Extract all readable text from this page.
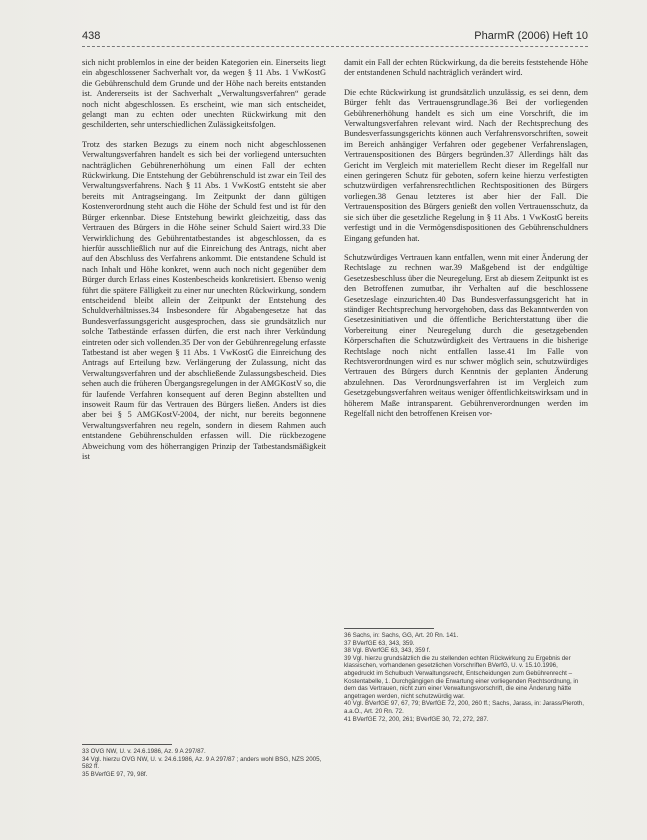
438	PharmR (2006) Heft 10

sich nicht problemlos in eine der beiden Kategorien ein. Einerseits liegt ein abgeschlossener Sachverhalt vor, da wegen § 11 Abs. 1 VwKostG die Gebührenschuld dem Grunde und der Höhe nach bereits entstanden ist. Andererseits ist der Sachverhalt „Verwaltungsverfahren“ gerade noch nicht abgeschlossen. Es erscheint, wie man sich entscheidet, gelangt man zu echten oder unechten Rückwirkung mit den geschilderten, sehr unterschiedlichen Zulässigkeitsfolgen.

Trotz des starken Bezugs zu einem noch nicht abgeschlossenen Verwaltungsverfahren handelt es sich bei der vorliegend untersuchten nachträglichen Gebührenerhöhung um einen Fall der echten Rückwirkung. Die Entstehung der Gebührenschuld ist zwar ein Teil des Verwaltungsverfahrens. Nach § 11 Abs. 1 VwKostG entsteht sie aber bereits mit Antragseingang. Im Zeitpunkt der dann gültigen Kostenverordnung steht auch die Höhe der Schuld fest und ist für den Bürger erkennbar. Diese Entstehung bewirkt gleichzeitig, dass das Vertrauen des Bürgers in die Höhe seiner Schuld Saiert wird.33 Die Verwirklichung des Gebührentatbestandes ist abgeschlossen, da es hierfür ausschließlich nur auf die Einreichung des Antrags, nicht aber auf den Abschluss des Verfahrens ankommt. Die entstandene Schuld ist nach Inhalt und Höhe konkret, wenn auch noch nicht gegenüber dem Bürger durch Erlass eines Kostenbescheids konkretisiert. Ebenso wenig führt die spätere Fälligkeit zu einer nur unechten Rückwirkung, sondern entscheidend bleibt allein der Zeitpunkt der Entstehung des Schuldverhältnisses.34 Insbesondere für Abgabengesetze hat das Bundesverfassungsgericht ausgesprochen, dass sie grundsätzlich nur solche Tatbestände erfassen dürfen, die erst nach ihrer Verkündung eintreten oder sich vollenden.35 Der von der Gebührenregelung erfasste Tatbestand ist aber wegen § 11 Abs. 1 VwKostG die Einreichung des Antrags auf Erteilung bzw. Verlängerung der Zulassung, nicht das Verwaltungsverfahren und der abschließende Zulassungsbescheid. Dies sehen auch die früheren Übergangsregelungen in der AMGKostV so, die für laufende Verfahren konsequent auf deren Beginn abstellten und insoweit Raum für das Vertrauen des Bürgers ließen. Anders ist dies aber bei § 5 AMGKostV-2004, der nicht, nur bereits begonnene Verwaltungsverfahren neu regeln, sondern in diesem Rahmen auch entstandene Gebührenschulden erfassen will. Die rückbezogene Abweichung vom des höherrangigen Prinzip der Tatbestandsmäßigkeit ist

damit ein Fall der echten Rückwirkung, da die bereits feststehende Höhe der entstandenen Schuld nachträglich verändert wird.

Die echte Rückwirkung ist grundsätzlich unzulässig, es sei denn, dem Bürger fehlt das Vertrauensgrundlage.36 Bei der vorliegenden Gebührenerhöhung handelt es sich um eine Vorschrift, die im Verwaltungsverfahren relevant wird. Nach der Rechtsprechung des Bundesverfassungsgerichts können auch Verfahrensvorschriften, soweit im Bereich anhängiger Verfahren oder gegebener Verfahrenslagen, Vertrauenspositionen des Bürgers begründen.37 Allerdings hält das Gericht im Vergleich mit materiellem Recht dieser im Regelfall nur einen geringeren Schutz für geboten, sofern keine hierzu verfestigten schutzwürdigen verfahrensrechtlichen Rechtspositionen des Bürgers vorliegen.38 Genau letzteres ist aber hier der Fall. Die Vertrauensposition des Bürgers genießt den vollen Vertrauensschutz, da sie sich über die gesetzliche Regelung in § 11 Abs. 1 VwKostG bereits verfestigt und in die Vermögensdispositionen des Gebührenschuldners Eingang gefunden hat.

Schutzwürdiges Vertrauen kann entfallen, wenn mit einer Änderung der Rechtslage zu rechnen war.39 Maßgebend ist der endgültige Gesetzesbeschluss über die Neuregelung. Erst ab diesem Zeitpunkt ist es den Betroffenen zumutbar, ihr Verhalten auf die beschlossene Gesetzeslage einzurichten.40 Das Bundesverfassungsgericht hat in ständiger Rechtsprechung hervorgehoben, dass das Bekanntwerden von Gesetzesinitiativen und die öffentliche Berichterstattung über die Vorbereitung einer Neuregelung durch die gesetzgebenden Körperschaften die Schutzwürdigkeit des Vertrauens in die bisherige Rechtslage noch nicht entfallen lasse.41 Im Falle von Rechtsverordnungen wird es nur schwer möglich sein, schutzwürdiges Vertrauen des Bürgers durch Kenntnis der geplanten Änderung abzulehnen. Das Verordnungsverfahren ist im Vergleich zum Gesetzgebungsverfahren weitaus weniger öffentlichkeitswirksam und in höherem Maße intransparent. Gebührenverordnungen werden im Regelfall nicht den betroffenen Kreisen vor-

33 OVG NW, U. v. 24.6.1986, Az. 9 A 297/87.
34 Vgl. hierzu OVG NW, U. v. 24.6.1986, Az. 9 A 297/87 ; anders wohl BSG, NZS 2005, 582 ff.
35 BVerfGE 97, 79, 98f.
36 Sachs, in: Sachs, GG, Art. 20 Rn. 141.
37 BVerfGE 63, 343, 359.
38 Vgl. BVerfGE 63, 343, 359 f.
39 Vgl. hierzu grundsätzlich die zu stellenden echten Rückwirkung zu Ergebnis der klassischen, vorhandenen gesetzlichen Vorschriften BVerfG, U. v. 15.10.1996, abgedruckt im Schulbuch Verwaltungsrecht, Entscheidungen zum Gebührenrecht – Kostentabelle, 1. Durchgängigen die Erwartung einer vorliegenden Rechtsordnung, in dem das Vertrauen, nicht zum einer Verwaltungsvorschrift, die eine Änderung hätte angetragen werden, nicht schutzwürdig war.
40 Vgl. BVerfGE 97, 67, 79; BVerfGE 72, 200, 260 ff.; Sachs, Jarass, in: Jarass/Pieroth, a.a.O., Art. 20 Rn. 72.
41 BVerfGE 72, 200, 261; BVerfGE 30, 72, 272, 287.
